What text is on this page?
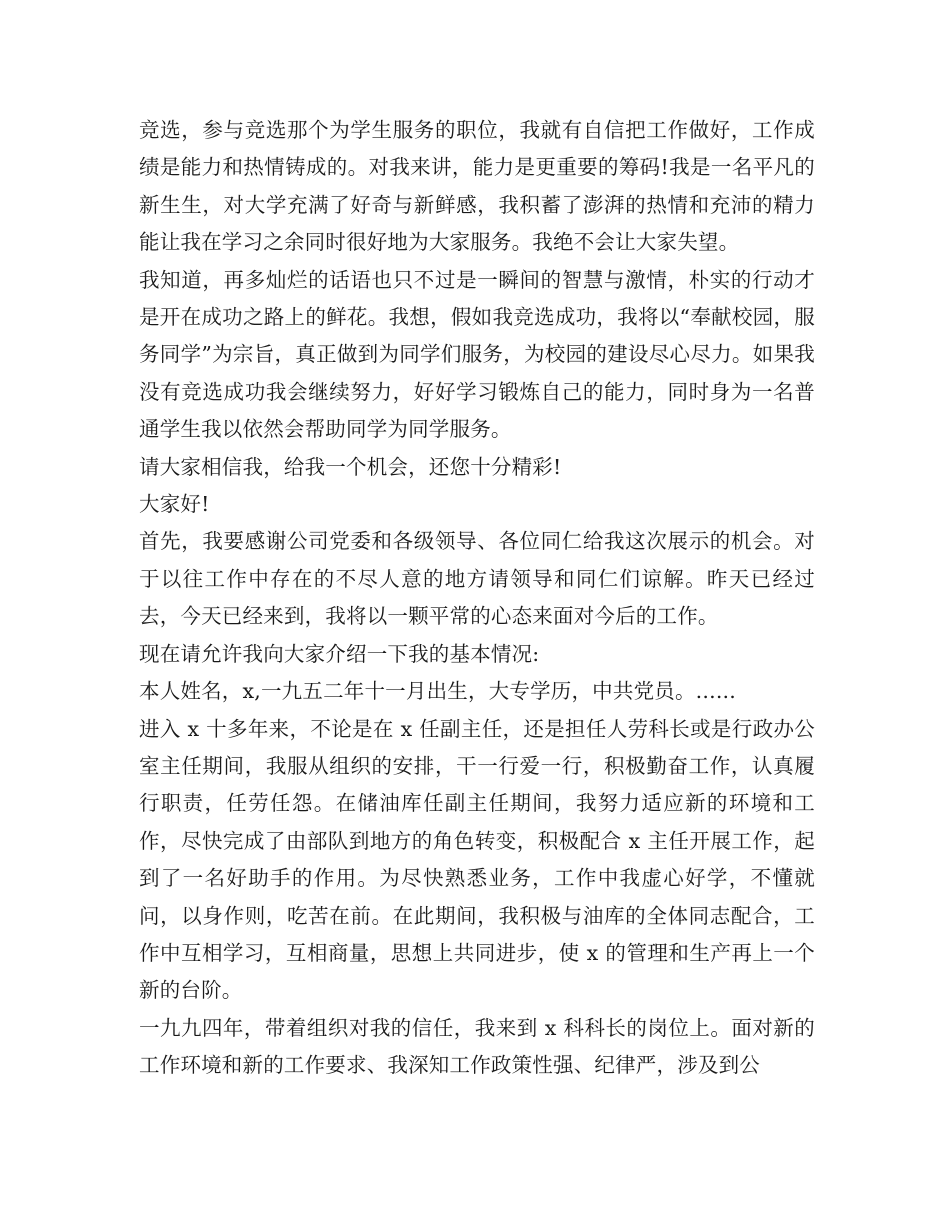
竞选，参与竞选那个为学生服务的职位，我就有自信把工作做好，工作成绩是能力和热情铸成的。对我来讲，能力是更重要的筹码!我是一名平凡的新生生，对大学充满了好奇与新鲜感，我积蓄了澎湃的热情和充沛的精力能让我在学习之余同时很好地为大家服务。我绝不会让大家失望。

我知道，再多灿烂的话语也只不过是一瞬间的智慧与激情，朴实的行动才是开在成功之路上的鲜花。我想，假如我竞选成功，我将以“奉献校园，服务同学”为宗旨，真正做到为同学们服务，为校园的建设尽心尽力。如果我没有竞选成功我会继续努力，好好学习锻炼自己的能力，同时身为一名普通学生我以依然会帮助同学为同学服务。

请大家相信我，给我一个机会，还您十分精彩!

大家好!

首先，我要感谢公司党委和各级领导、各位同仁给我这次展示的机会。对于以往工作中存在的不尽人意的地方请领导和同仁们谅解。昨天已经过去，今天已经来到，我将以一颗平常的心态来面对今后的工作。

现在请允许我向大家介绍一下我的基本情况:

本人姓名，x,一九五二年十一月出生，大专学历，中共党员。......

进入 x 十多年来，不论是在 x 任副主任，还是担任人劳科长或是行政办公室主任期间，我服从组织的安排，干一行爱一行，积极勤奋工作，认真履行职责，任劳任怨。在储油库任副主任期间，我努力适应新的环境和工作，尽快完成了由部队到地方的角色转变，积极配合 x 主任开展工作，起到了一名好助手的作用。为尽快熟悉业务，工作中我虚心好学，不懂就问，以身作则，吃苦在前。在此期间，我积极与油库的全体同志配合，工作中互相学习，互相商量，思想上共同进步，使 x 的管理和生产再上一个新的台阶。

一九九四年，带着组织对我的信任，我来到 x 科科长的岗位上。面对新的工作环境和新的工作要求、我深知工作政策性强、纪律严，涉及到公
